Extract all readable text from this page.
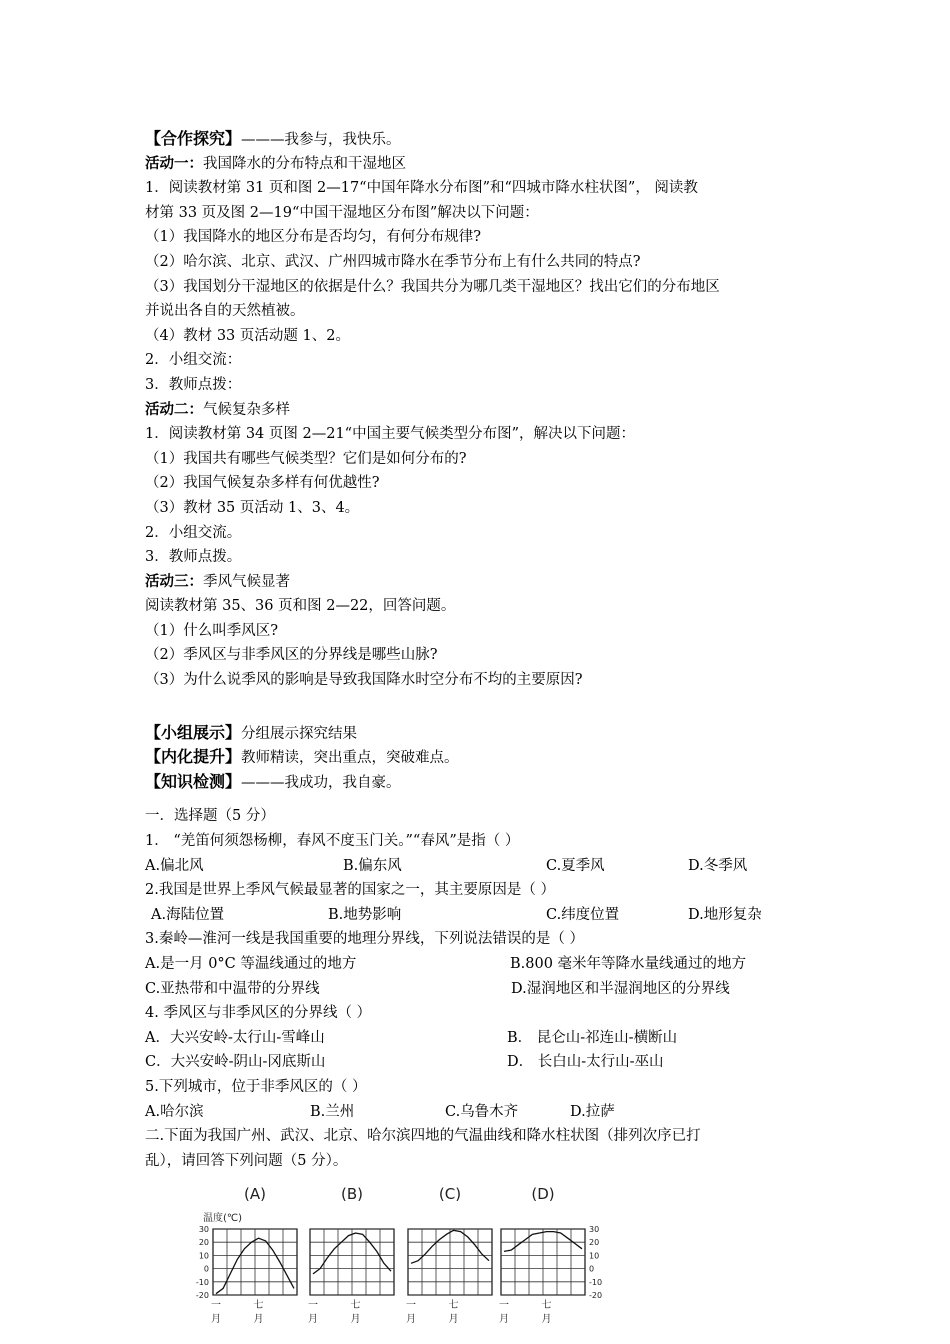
【合作探究】———我参与，我快乐。
活动一：我国降水的分布特点和干湿地区
1．阅读教材第 31 页和图 2—17“中国年降水分布图”和“四城市降水柱状图”， 阅读教
材第 33 页及图 2—19“中国干湿地区分布图”解决以下问题：
（1）我国降水的地区分布是否均匀，有何分布规律?
（2）哈尔滨、北京、武汉、广州四城市降水在季节分布上有什么共同的特点?
（3）我国划分干湿地区的依据是什么？我国共分为哪几类干湿地区？找出它们的分布地区
并说出各自的天然植被。
（4）教材 33 页活动题 1、2。
2．小组交流：
3．教师点拨：
活动二：气候复杂多样
1．阅读教材第 34 页图 2—21“中国主要气候类型分布图”，解决以下问题：
（1）我国共有哪些气候类型？它们是如何分布的?
（2）我国气候复杂多样有何优越性?
（3）教材 35 页活动 1、3、4。
2．小组交流。
3．教师点拨。
活动三：季风气候显著
阅读教材第 35、36 页和图 2—22，回答问题。
（1）什么叫季风区?
（2）季风区与非季风区的分界线是哪些山脉?
（3）为什么说季风的影响是导致我国降水时空分布不均的主要原因?
【小组展示】分组展示探究结果
【内化提升】教师精读，突出重点，突破难点。
【知识检测】———我成功，我自豪。
一．选择题（5 分）
1． “羌笛何须怨杨柳，春风不度玉门关。”“春风”是指（ ）
A.偏北风	B.偏东风	C.夏季风	D.冬季风
2.我国是世界上季风气候最显著的国家之一，其主要原因是（ ）
A.海陆位置	B.地势影响	C.纬度位置	D.地形复杂
3.秦岭—淮河一线是我国重要的地理分界线，下列说法错误的是（ ）
A.是一月 0°C 等温线通过的地方	B.800 毫米年等降水量线通过的地方
C.亚热带和中温带的分界线	D.湿润地区和半湿润地区的分界线
4. 季风区与非季风区的分界线（ ）
A．大兴安岭-太行山-雪峰山	B． 昆仑山-祁连山-横断山
C．大兴安岭-阴山-冈底斯山	D． 长白山-太行山-巫山
5.下列城市，位于非季风区的（ ）
A.哈尔滨	B.兰州	C.乌鲁木齐	D.拉萨
二.下面为我国广州、武汉、北京、哈尔滨四地的气温曲线和降水柱状图（排列次序已打
乱），请回答下列问题（5 分）。
(A)
一
月
七
月
(B)
一
月
七
月
(C)
一
月
七
月
(D)
一
月
七
月
温度(℃)
30
20
10
0
-10
-20
30
20
10
0
-10
-20
